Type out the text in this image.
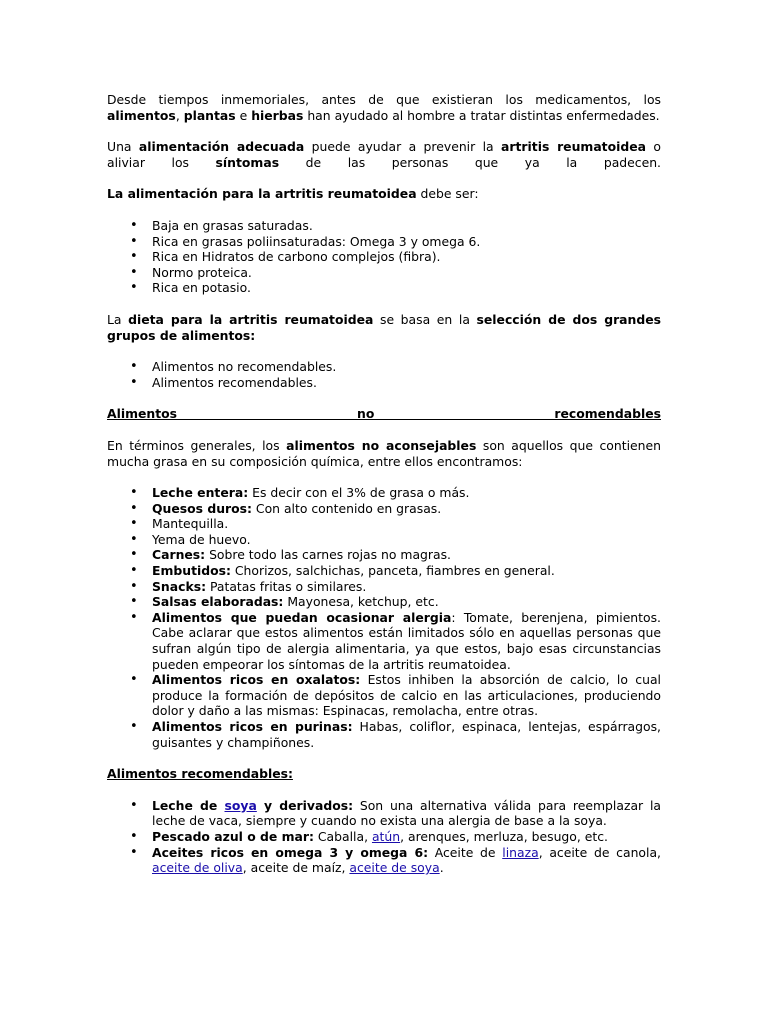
Desde tiempos inmemoriales, antes de que existieran los medicamentos, los alimentos, plantas e hierbas han ayudado al hombre a tratar distintas enfermedades.

Una alimentación adecuada puede ayudar a prevenir la artritis reumatoidea o aliviar los síntomas de las personas que ya la padecen.

La alimentación para la artritis reumatoidea debe ser:

• Baja en grasas saturadas.
• Rica en grasas poliinsaturadas: Omega 3 y omega 6.
• Rica en Hidratos de carbono complejos (fibra).
• Normo proteica.
• Rica en potasio.

La dieta para la artritis reumatoidea se basa en la selección de dos grandes grupos de alimentos:

• Alimentos no recomendables.
• Alimentos recomendables.

Alimentos no recomendables

En términos generales, los alimentos no aconsejables son aquellos que contienen mucha grasa en su composición química, entre ellos encontramos:

• Leche entera: Es decir con el 3% de grasa o más.
• Quesos duros: Con alto contenido en grasas.
• Mantequilla.
• Yema de huevo.
• Carnes: Sobre todo las carnes rojas no magras.
• Embutidos: Chorizos, salchichas, panceta, fiambres en general.
• Snacks: Patatas fritas o similares.
• Salsas elaboradas: Mayonesa, ketchup, etc.
• Alimentos que puedan ocasionar alergia: Tomate, berenjena, pimientos. Cabe aclarar que estos alimentos están limitados sólo en aquellas personas que sufran algún tipo de alergia alimentaria, ya que estos, bajo esas circunstancias pueden empeorar los síntomas de la artritis reumatoidea.
• Alimentos ricos en oxalatos: Estos inhiben la absorción de calcio, lo cual produce la formación de depósitos de calcio en las articulaciones, produciendo dolor y daño a las mismas: Espinacas, remolacha, entre otras.
• Alimentos ricos en purinas: Habas, coliflor, espinaca, lentejas, espárragos, guisantes y champiñones.

Alimentos recomendables:

• Leche de soya y derivados: Son una alternativa válida para reemplazar la leche de vaca, siempre y cuando no exista una alergia de base a la soya.
• Pescado azul o de mar: Caballa, atún, arenques, merluza, besugo, etc.
• Aceites ricos en omega 3 y omega 6: Aceite de linaza, aceite de canola, aceite de oliva, aceite de maíz, aceite de soya.
